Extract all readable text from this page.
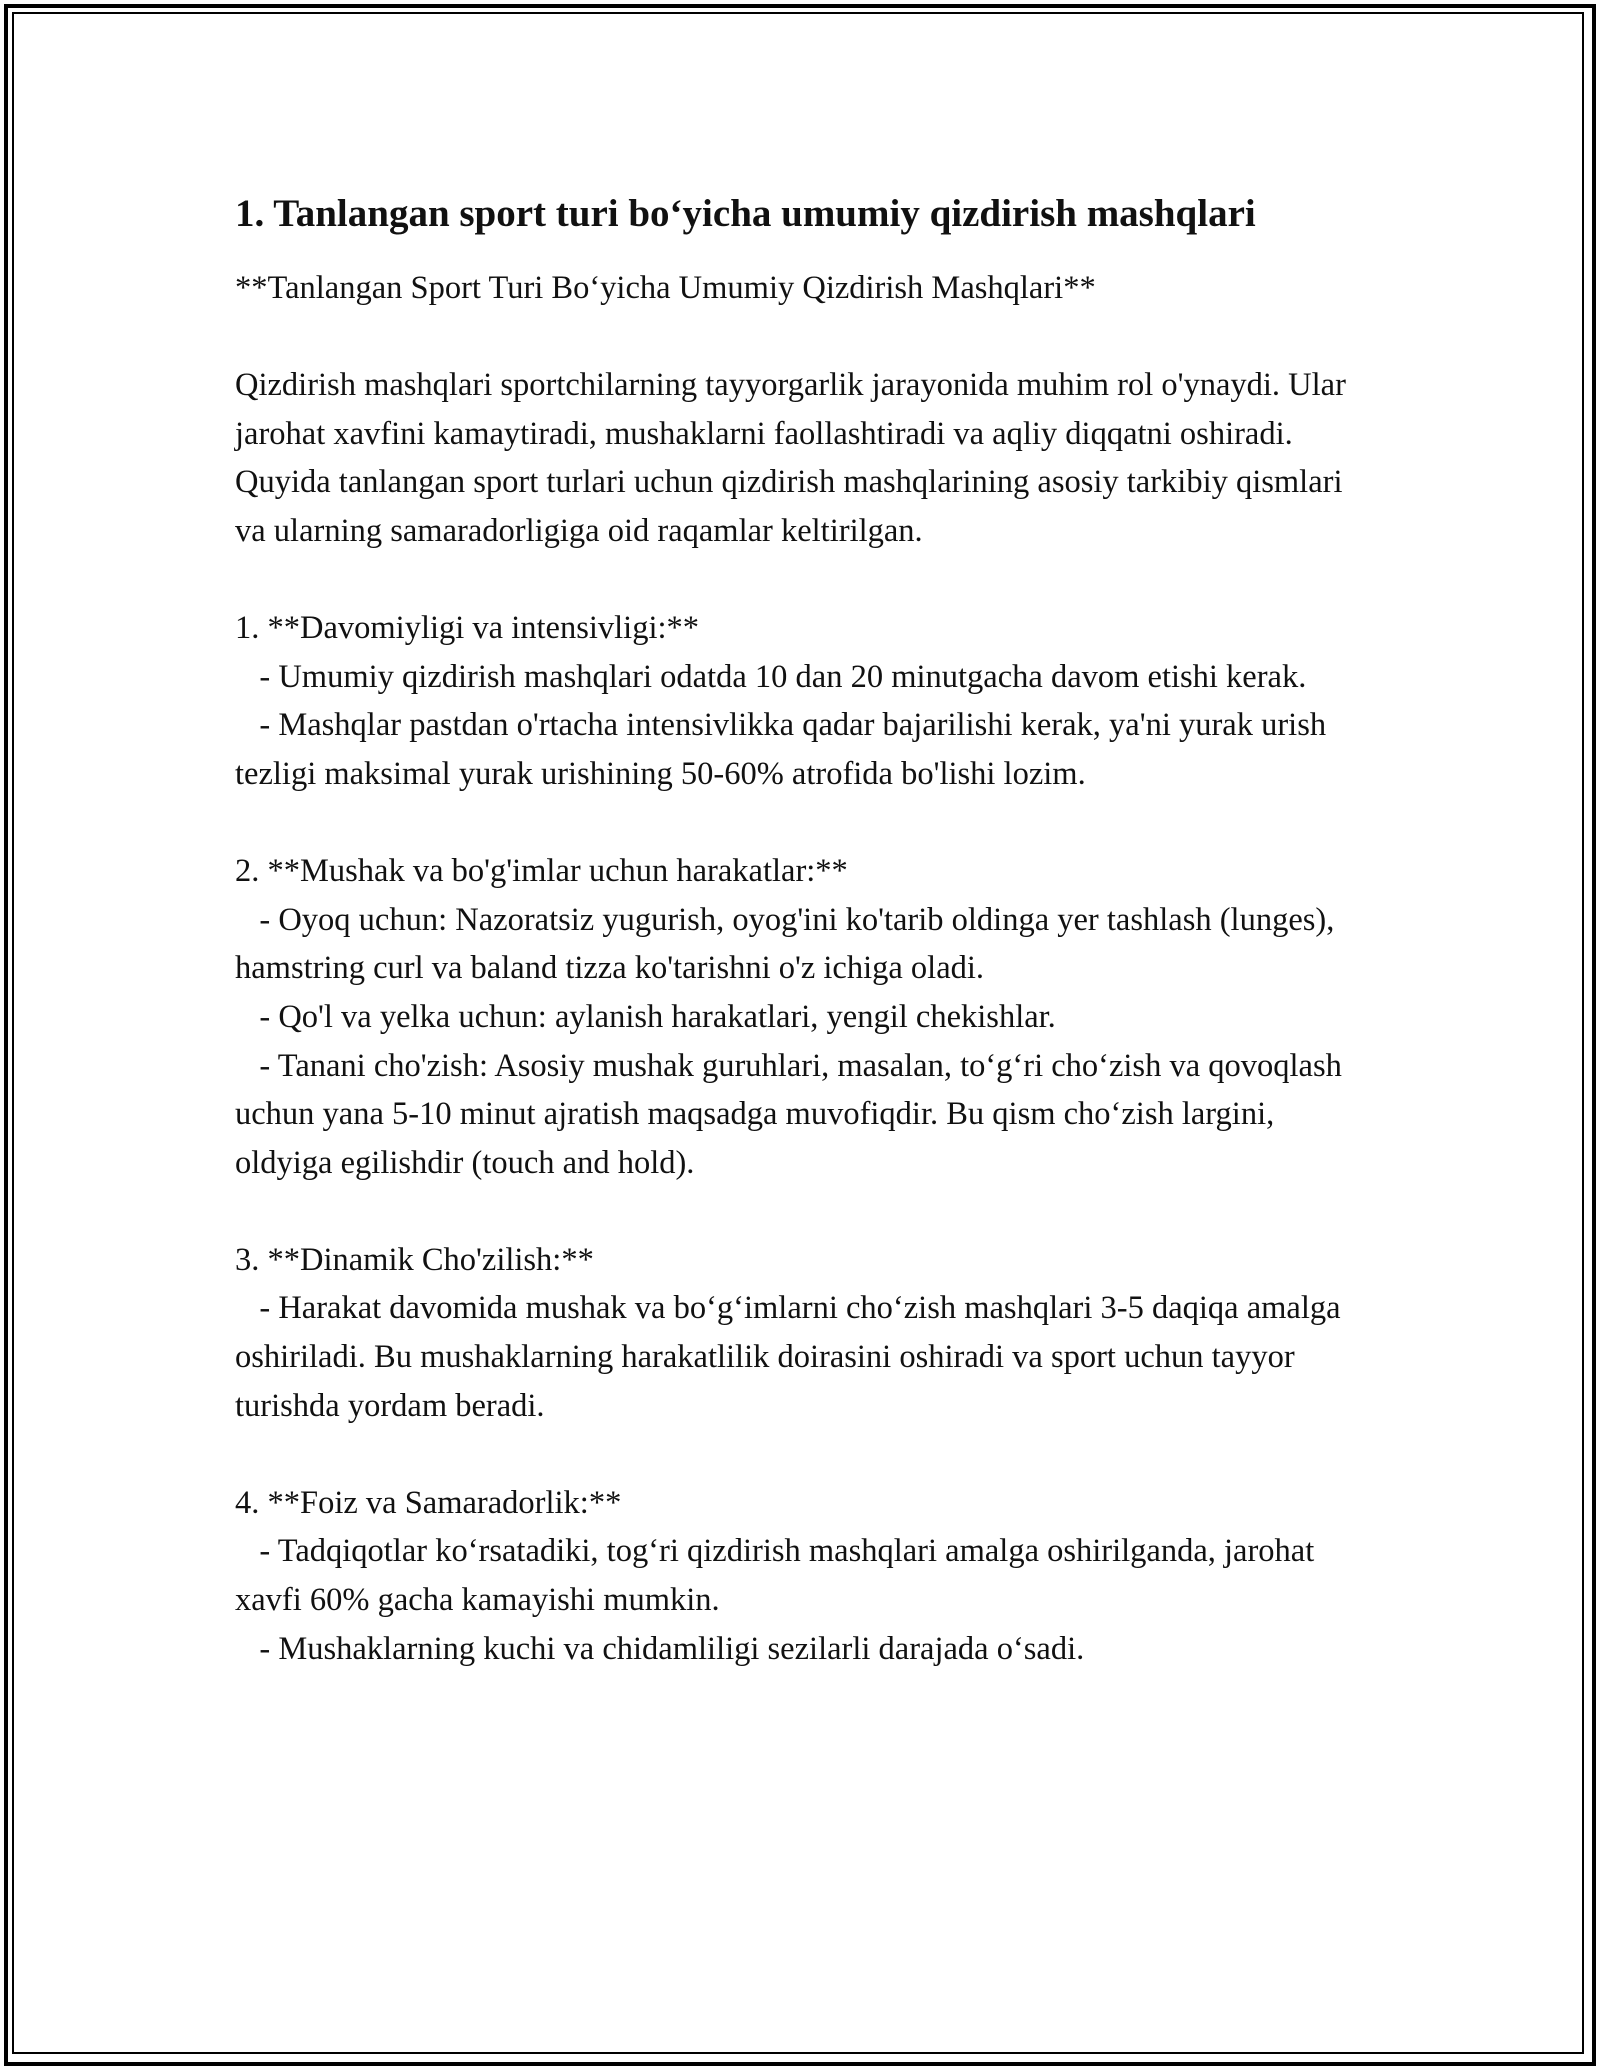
1. Tanlangan sport turi bo‘yicha umumiy qizdirish mashqlari
**Tanlangan Sport Turi Bo‘yicha Umumiy Qizdirish Mashqlari**

Qizdirish mashqlari sportchilarning tayyorgarlik jarayonida muhim rol o'ynaydi. Ular jarohat xavfini kamaytiradi, mushaklarni faollashtiradi va aqliy diqqatni oshiradi. Quyida tanlangan sport turlari uchun qizdirish mashqlarining asosiy tarkibiy qismlari va ularning samaradorligiga oid raqamlar keltirilgan.

1. **Davomiyligi va intensivligi:**
- Umumiy qizdirish mashqlari odatda 10 dan 20 minutgacha davom etishi kerak.
- Mashqlar pastdan o'rtacha intensivlikka qadar bajarilishi kerak, ya'ni yurak urish tezligi maksimal yurak urishining 50-60% atrofida bo'lishi lozim.

2. **Mushak va bo'g'imlar uchun harakatlar:**
- Oyoq uchun: Nazoratsiz yugurish, oyog'ini ko'tarib oldinga yer tashlash (lunges),  hamstring curl va baland tizza ko'tarishni o'z ichiga oladi.
- Qo'l va yelka uchun: aylanish harakatlari, yengil chekishlar.
- Tanani cho'zish: Asosiy mushak guruhlari, masalan, to‘g‘ri cho‘zish va qovoqlash uchun yana 5-10 minut ajratish maqsadga muvofiqdir. Bu qism cho‘zish largini, oldyiga egilishdir (touch and hold).

3. **Dinamik Cho'zilish:**
- Harakat davomida mushak va bo‘g‘imlarni cho‘zish mashqlari 3-5 daqiqa amalga oshiriladi. Bu mushaklarning harakatlilik doirasini oshiradi va sport uchun tayyor turishda yordam beradi.

4. **Foiz va Samaradorlik:**
- Tadqiqotlar ko‘rsatadiki, tog‘ri qizdirish mashqlari amalga oshirilganda, jarohat xavfi 60% gacha kamayishi mumkin.
- Mushaklarning kuchi va chidamliligi sezilarli darajada o‘sadi.
